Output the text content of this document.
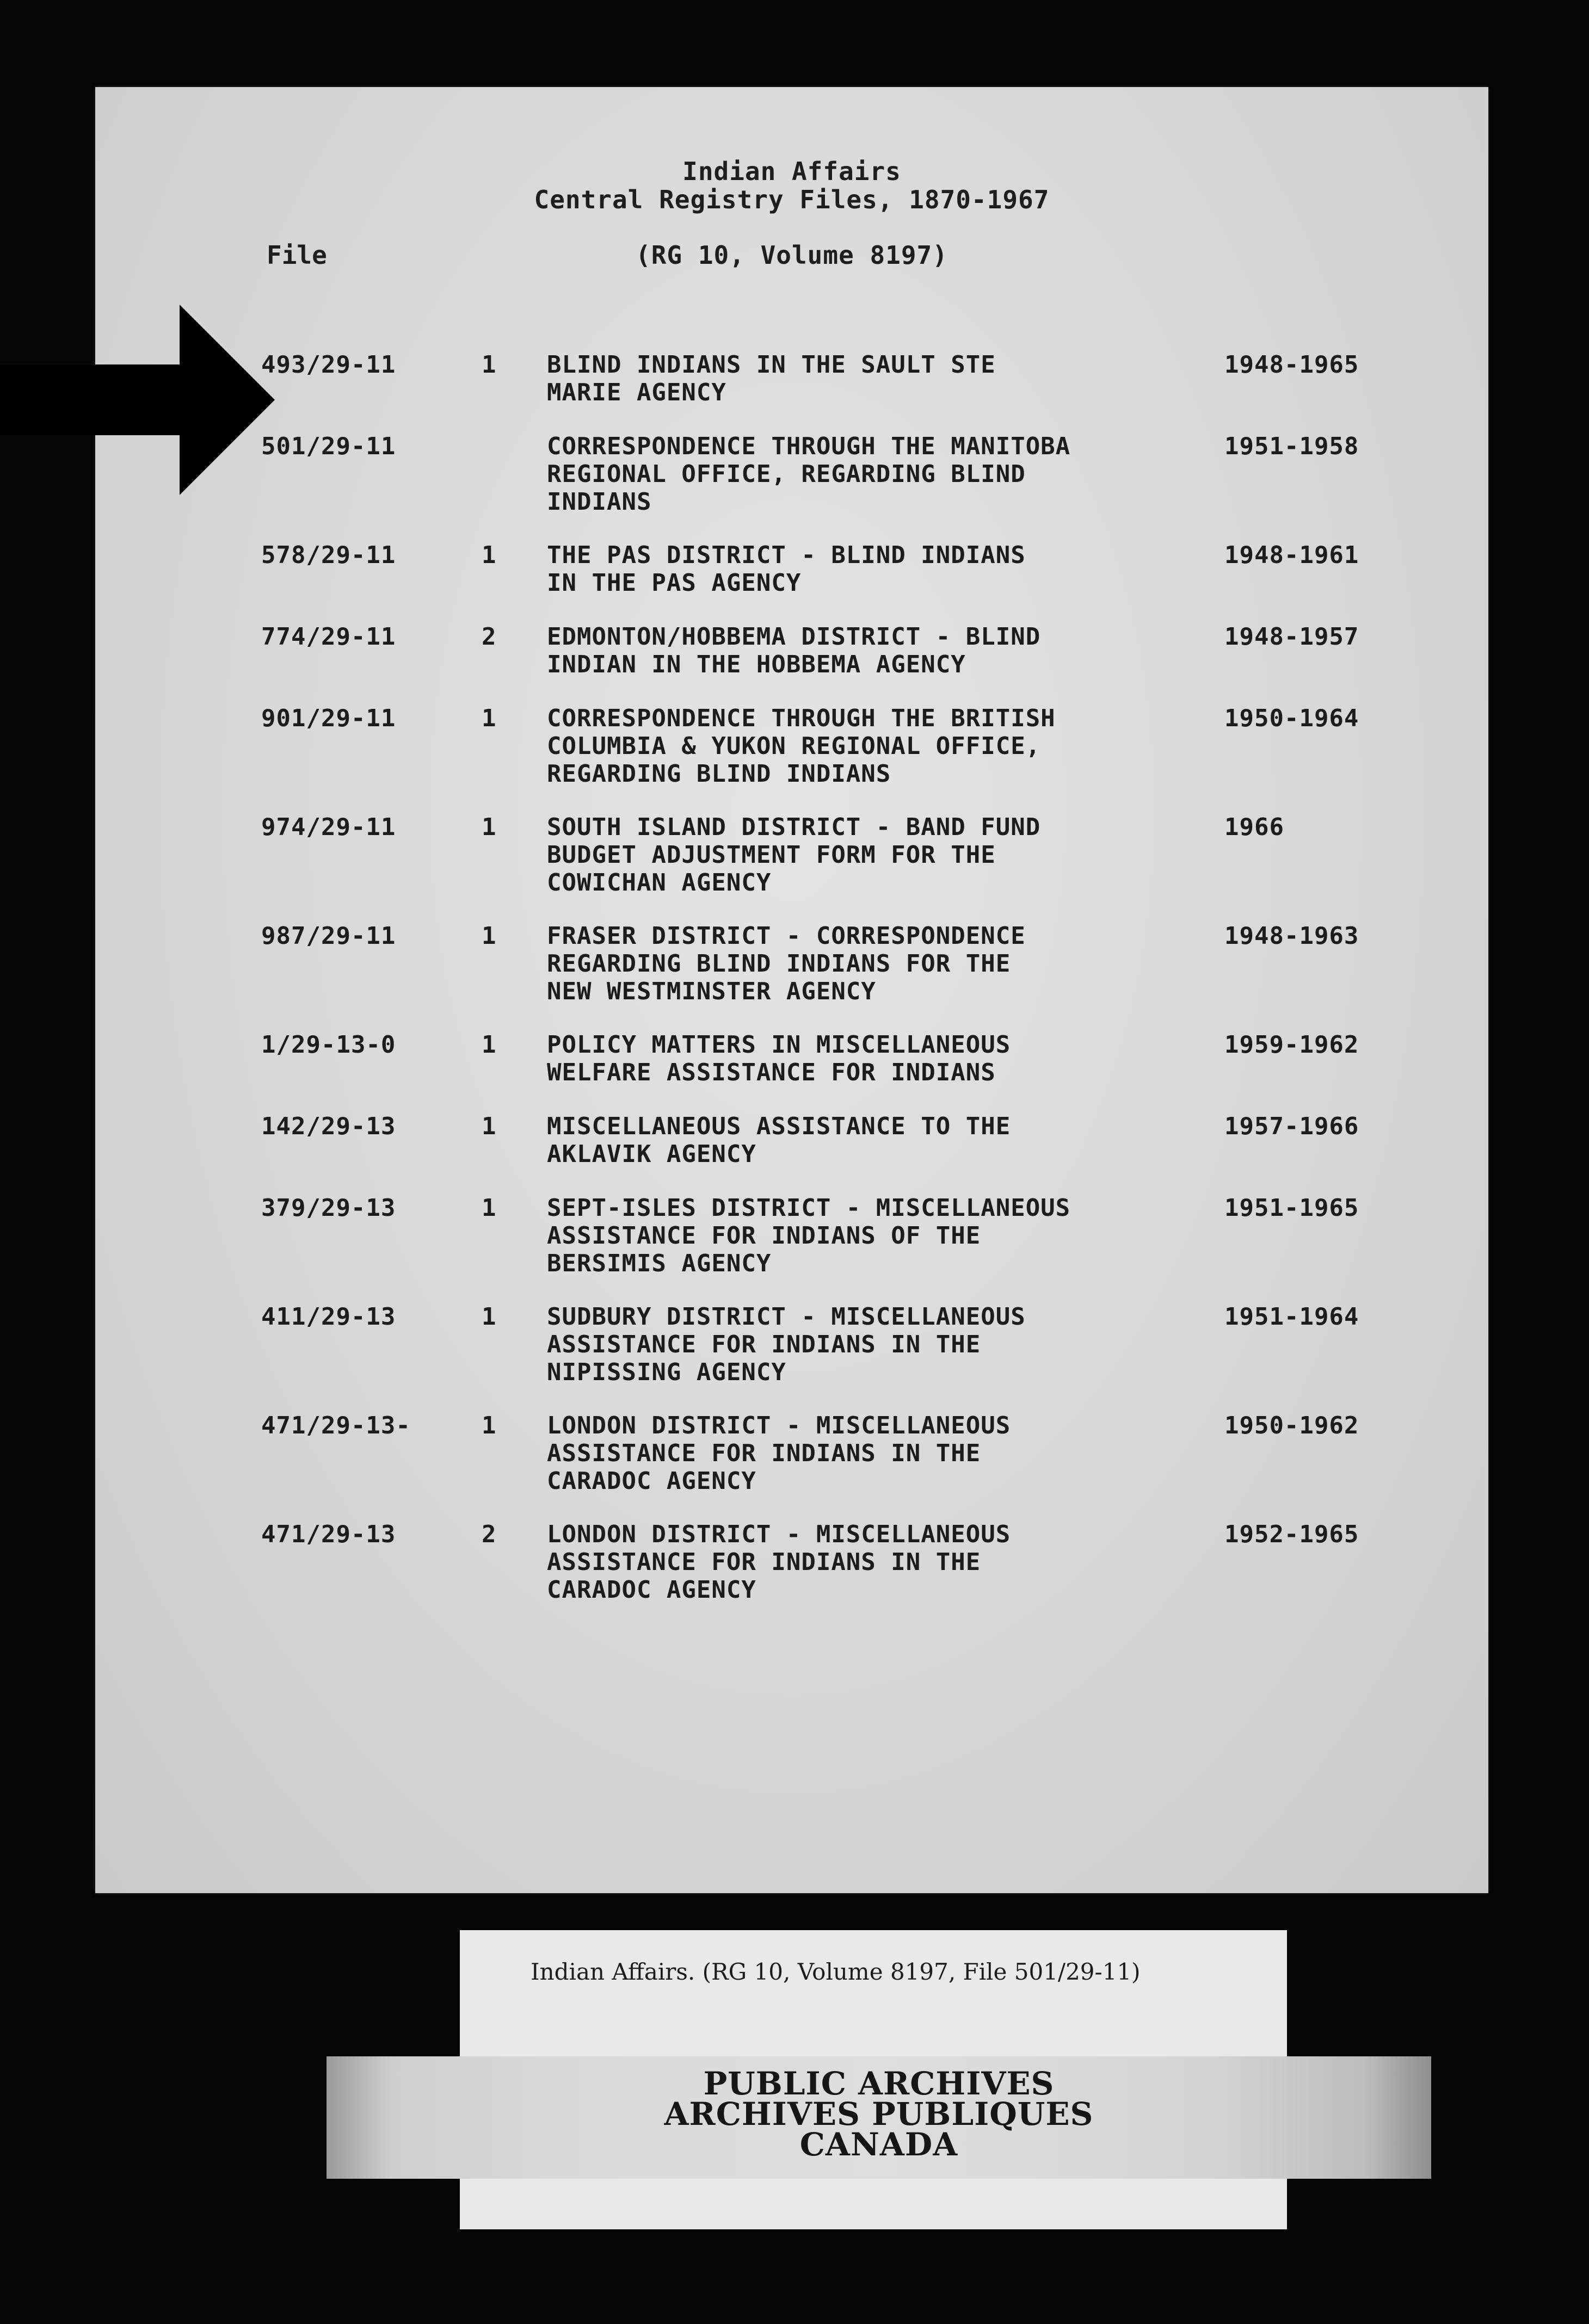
Indian Affairs
Central Registry Files, 1870-1967
(RG 10, Volume 8197)
File
493/29-11	1 BLIND INDIANS IN THE SAULT STE
MARIE AGENCY
1948-1965
501/29-11	CORRESPONDENCE THROUGH THE MANITOBA
REGIONAL OFFICE, REGARDING BLIND
INDIANS
1951-1958
578/29-11	1 THE PAS DISTRICT - BLIND INDIANS
IN THE PAS AGENCY
1948-1961
774/29-11	2 EDMONTON/HOBBEMA DISTRICT - BLIND
INDIAN IN THE HOBBEMA AGENCY
1948-1957
901/29-11	1 CORRESPONDENCE THROUGH THE BRITISH
COLUMBIA & YUKON REGIONAL OFFICE,
REGARDING BLIND INDIANS
1950-1964
974/29-11	1 SOUTH ISLAND DISTRICT - BAND FUND
BUDGET ADJUSTMENT FORM FOR THE
COWICHAN AGENCY
1966
987/29-11	1 FRASER DISTRICT - CORRESPONDENCE
REGARDING BLIND INDIANS FOR THE
NEW WESTMINSTER AGENCY
1948-1963
1/29-13-0	1 POLICY MATTERS IN MISCELLANEOUS
WELFARE ASSISTANCE FOR INDIANS
1959-1962
142/29-13	1 MISCELLANEOUS ASSISTANCE TO THE
AKLAVIK AGENCY
1957-1966
379/29-13	1 SEPT-ISLES DISTRICT - MISCELLANEOUS
ASSISTANCE FOR INDIANS OF THE
BERSIMIS AGENCY
1951-1965
411/29-13	1 SUDBURY DISTRICT - MISCELLANEOUS
ASSISTANCE FOR INDIANS IN THE
NIPISSING AGENCY
1951-1964
471/29-13-	1 LONDON DISTRICT - MISCELLANEOUS
ASSISTANCE FOR INDIANS IN THE
CARADOC AGENCY
1950-1962
471/29-13	2 LONDON DISTRICT - MISCELLANEOUS
ASSISTANCE FOR INDIANS IN THE
CARADOC AGENCY
1952-1965
Indian Affairs. (RG 10, Volume 8197, File 501/29-11)
PUBLIC ARCHIVES
ARCHIVES PUBLIQUES
CANADA
